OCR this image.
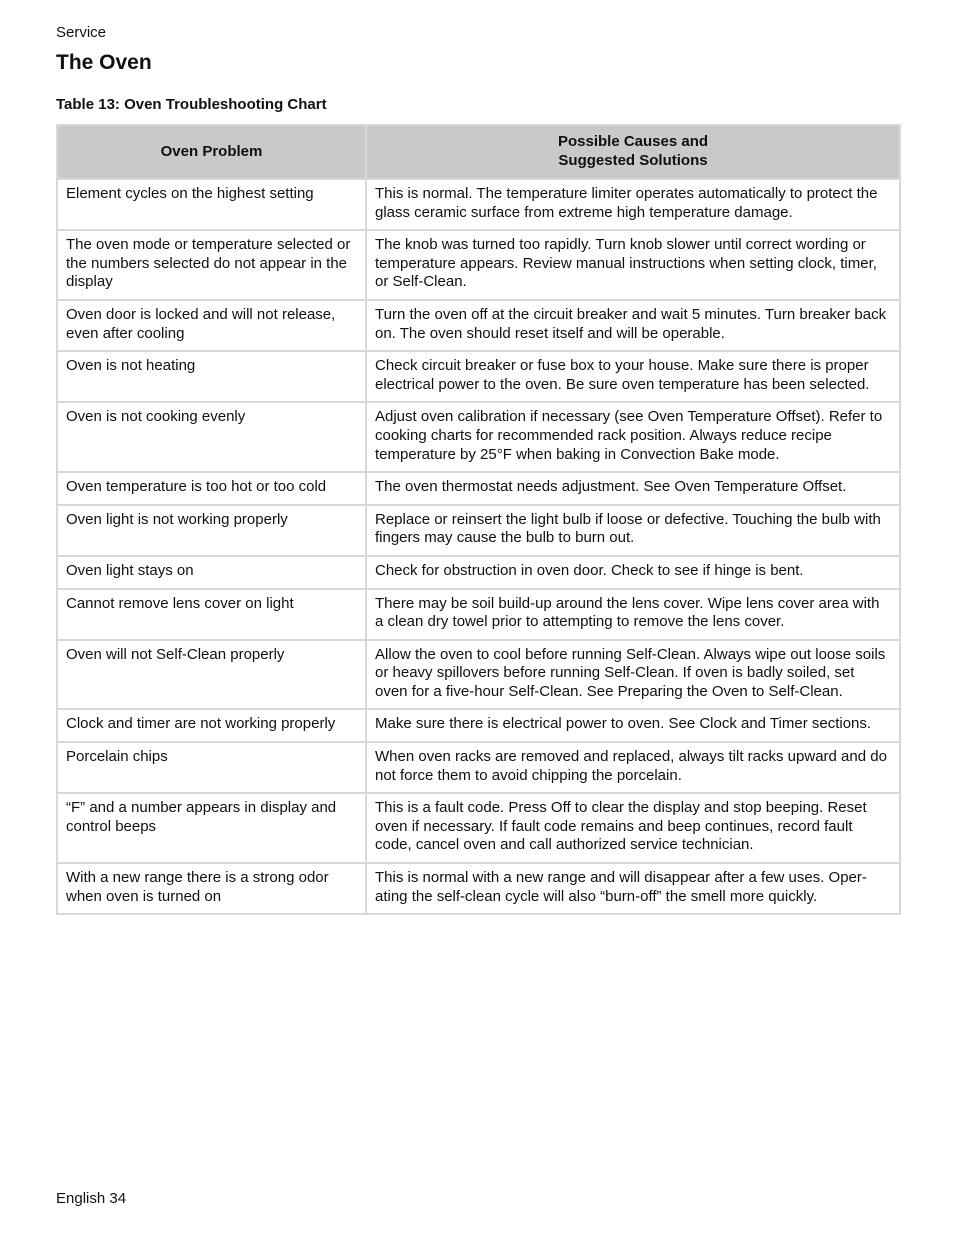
Service
The Oven
Table 13: Oven Troubleshooting Chart
Oven Problem	Possible Causes and
Suggested Solutions

Element cycles on the highest setting	This is normal. The temperature limiter operates automatically to protect the glass ceramic surface from extreme high temperature damage.
The oven mode or temperature selected or the numbers selected do not appear in the display	The knob was turned too rapidly. Turn knob slower until correct wording or temperature appears. Review manual instructions when setting clock, timer, or Self-Clean.
Oven door is locked and will not release, even after cooling	Turn the oven off at the circuit breaker and wait 5 minutes. Turn breaker back on. The oven should reset itself and will be operable.
Oven is not heating	Check circuit breaker or fuse box to your house. Make sure there is proper electrical power to the oven. Be sure oven temperature has been selected.
Oven is not cooking evenly	Adjust oven calibration if necessary (see Oven Temperature Offset). Refer to cooking charts for recommended rack position. Always reduce recipe temperature by 25°F when baking in Convection Bake mode.
Oven temperature is too hot or too cold	The oven thermostat needs adjustment. See Oven Temperature Offset.
Oven light is not working properly	Replace or reinsert the light bulb if loose or defective. Touching the bulb with fingers may cause the bulb to burn out.
Oven light stays on	Check for obstruction in oven door. Check to see if hinge is bent.
Cannot remove lens cover on light	There may be soil build-up around the lens cover. Wipe lens cover area with a clean dry towel prior to attempting to remove the lens cover.
Oven will not Self-Clean properly	Allow the oven to cool before running Self-Clean. Always wipe out loose soils or heavy spillovers before running Self-Clean. If oven is badly soiled, set oven for a five-hour Self-Clean. See Preparing the Oven to Self-Clean.
Clock and timer are not working properly	Make sure there is electrical power to oven. See Clock and Timer sections.
Porcelain chips	When oven racks are removed and replaced, always tilt racks upward and do not force them to avoid chipping the porcelain.
“F” and a number appears in display and control beeps	This is a fault code. Press Off to clear the display and stop beeping. Reset oven if necessary. If fault code remains and beep continues, record fault code, cancel oven and call authorized service technician.
With a new range there is a strong odor when oven is turned on	This is normal with a new range and will disappear after a few uses. Oper-ating the self-clean cycle will also “burn-off” the smell more quickly.
English 34
